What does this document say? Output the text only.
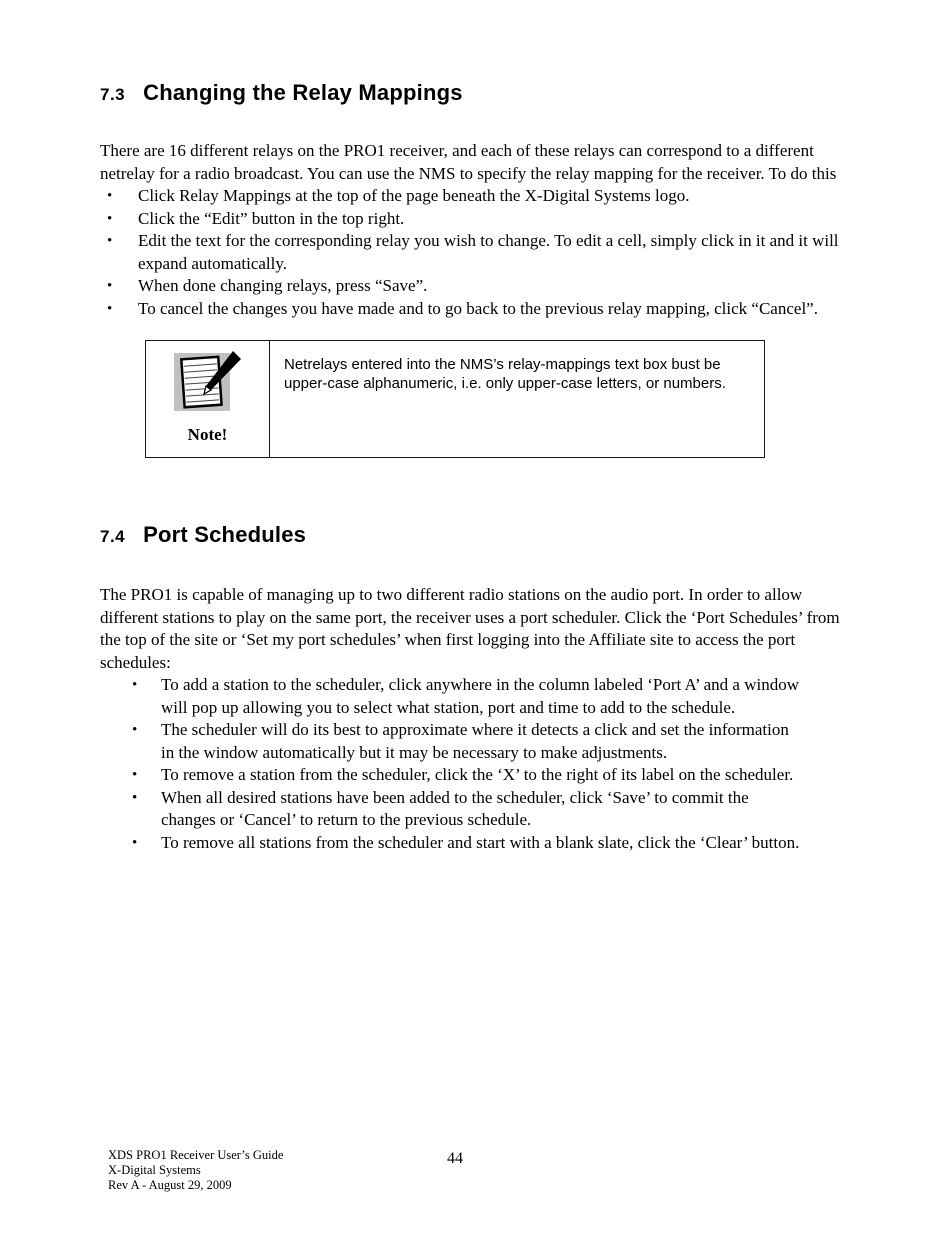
7.3 Changing the Relay Mappings

There are 16 different relays on the PRO1 receiver, and each of these relays can correspond to a different netrelay for a radio broadcast. You can use the NMS to specify the relay mapping for the receiver. To do this

• Click Relay Mappings at the top of the page beneath the X-Digital Systems logo.
• Click the “Edit” button in the top right.
• Edit the text for the corresponding relay you wish to change. To edit a cell, simply click in it and it will expand automatically.
• When done changing relays, press “Save”.
• To cancel the changes you have made and to go back to the previous relay mapping, click “Cancel”.
Note!
Netrelays entered into the NMS’s relay-mappings text box bust be upper-case alphanumeric, i.e. only upper-case letters, or numbers.
7.4 Port Schedules

The PRO1 is capable of managing up to two different radio stations on the audio port. In order to allow different stations to play on the same port, the receiver uses a port scheduler. Click the ‘Port Schedules’ from the top of the site or ‘Set my port schedules’ when first logging into the Affiliate site to access the port schedules:

• To add a station to the scheduler, click anywhere in the column labeled ‘Port A’ and a window will pop up allowing you to select what station, port and time to add to the schedule.
• The scheduler will do its best to approximate where it detects a click and set the information in the window automatically but it may be necessary to make adjustments.
• To remove a station from the scheduler, click the ‘X’ to the right of its label on the scheduler.
• When all desired stations have been added to the scheduler, click ‘Save’ to commit the changes or ‘Cancel’ to return to the previous schedule.
• To remove all stations from the scheduler and start with a blank slate, click the ‘Clear’ button.
XDS PRO1 Receiver User’s Guide
X-Digital Systems
Rev A - August 29, 2009
44
